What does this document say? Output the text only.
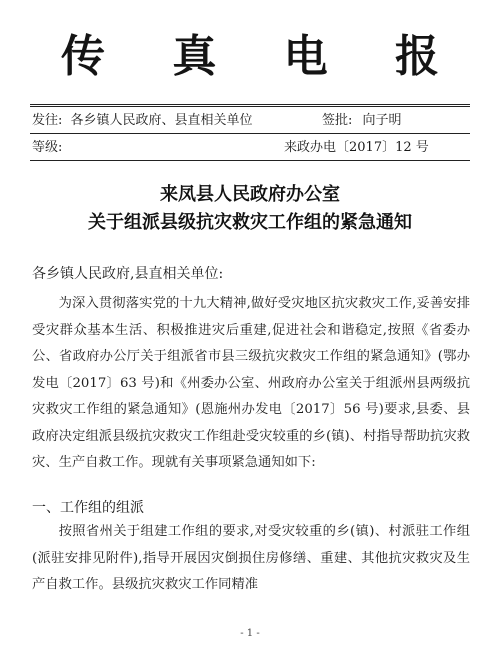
传 真 电 报
发往: 各乡镇人民政府、县直相关单位	签批: 向子明
等级:	来政办电〔2017〕12 号
来凤县人民政府办公室
关于组派县级抗灾救灾工作组的紧急通知
各乡镇人民政府,县直相关单位:

为深入贯彻落实党的十九大精神,做好受灾地区抗灾救灾工作,妥善安排受灾群众基本生活、积极推进灾后重建,促进社会和谐稳定,按照《省委办公、省政府办公厅关于组派省市县三级抗灾救灾工作组的紧急通知》(鄂办发电〔2017〕63 号)和《州委办公室、州政府办公室关于组派州县两级抗灾救灾工作组的紧急通知》(恩施州办发电〔2017〕56 号)要求,县委、县政府决定组派县级抗灾救灾工作组赴受灾较重的乡(镇)、村指导帮助抗灾救灾、生产自救工作。现就有关事项紧急通知如下:

一、工作组的组派

按照省州关于组建工作组的要求,对受灾较重的乡(镇)、村派驻工作组(派驻安排见附件),指导开展因灾倒损住房修缮、重建、其他抗灾救灾及生产自救工作。县级抗灾救灾工作同精准

- 1 -
